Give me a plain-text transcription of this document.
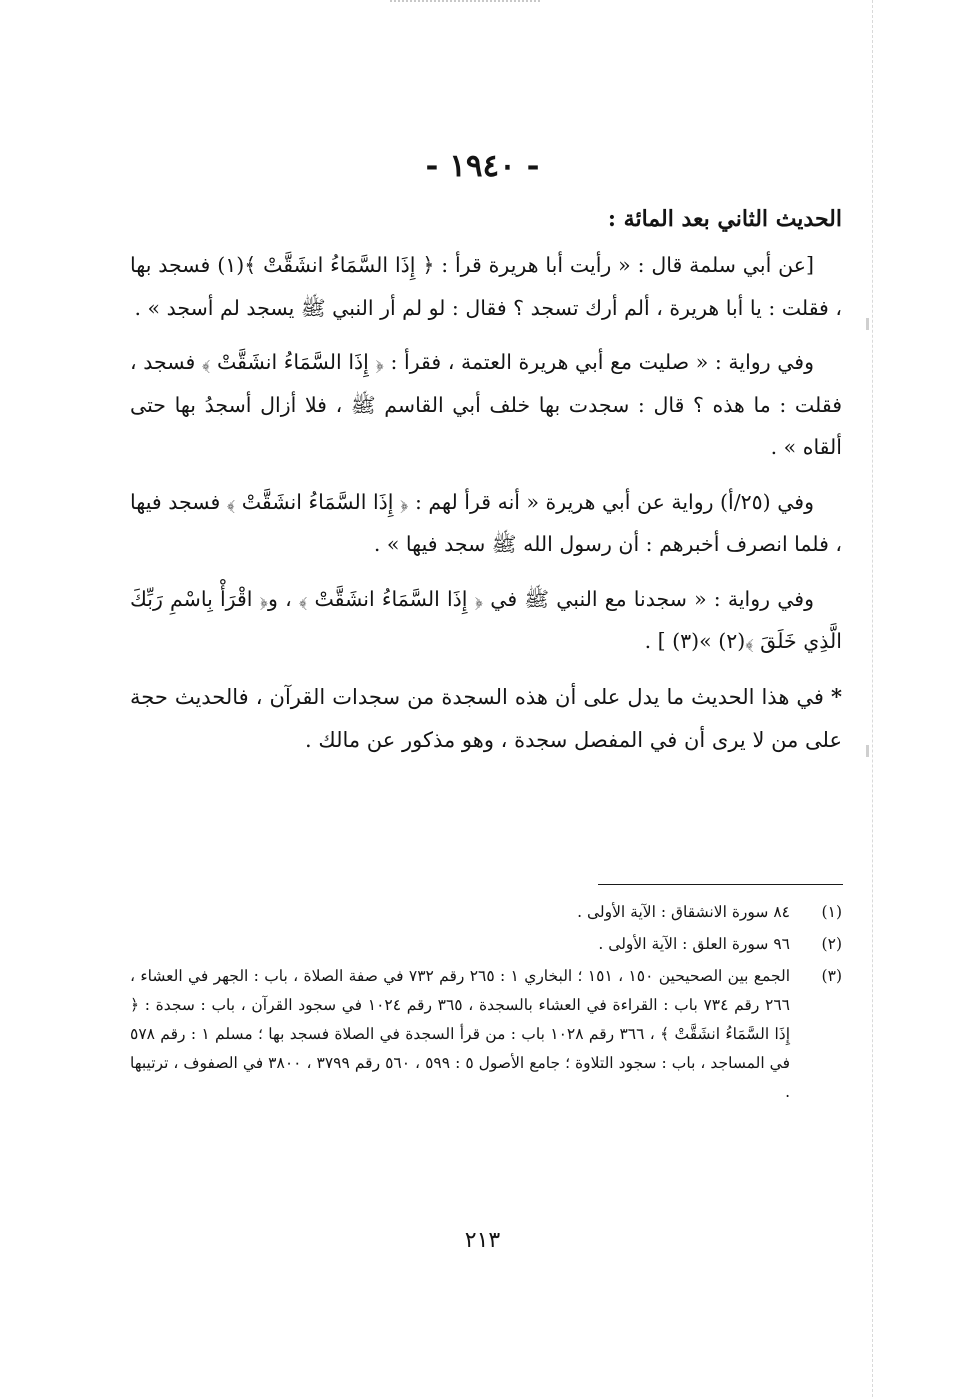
- ١٩٤٠ -
الحديث الثاني بعد المائة :

[عن أبي سلمة قال : « رأيت أبا هريرة قرأ : ﴿ إِذَا السَّمَاءُ انشَقَّتْ ﴾(١) فسجد بها ، فقلت : يا أبا هريرة ، ألم أرك تسجد ؟ فقال : لو لم أر النبي ﷺ يسجد لم أسجد » .

وفي رواية : « صليت مع أبي هريرة العتمة ، فقرأ : ﴿ إِذَا السَّمَاءُ انشَقَّتْ ﴾ فسجد ، فقلت : ما هذه ؟ قال : سجدت بها خلف أبي القاسم ﷺ ، فلا أزال أسجدُ بها حتى ألقاه » .

وفي (٢٥/أ) رواية عن أبي هريرة « أنه قرأ لهم : ﴿ إِذَا السَّمَاءُ انشَقَّتْ ﴾ فسجد فيها ، فلما انصرف أخبرهم : أن رسول الله ﷺ سجد فيها » .

وفي رواية : « سجدنا مع النبي ﷺ في ﴿ إِذَا السَّمَاءُ انشَقَّتْ ﴾ ، و﴿ اقْرَأْ بِاسْمِ رَبِّكَ الَّذِي خَلَقَ ﴾(٢) »(٣) ] .

* في هذا الحديث ما يدل على أن هذه السجدة من سجدات القرآن ، فالحديث حجة على من لا يرى أن في المفصل سجدة ، وهو مذكور عن مالك .

(١)
٨٤ سورة الانشقاق : الآية الأولى .
(٢)
٩٦ سورة العلق : الآية الأولى .
(٣)
الجمع بين الصحيحين ١٥٠ ، ١٥١ ؛ البخاري ١ : ٢٦٥ رقم ٧٣٢ في صفة الصلاة ، باب : الجهر في العشاء ، ٢٦٦ رقم ٧٣٤ باب : القراءة في العشاء بالسجدة ، ٣٦٥ رقم ١٠٢٤ في سجود القرآن ، باب : سجدة : ﴿ إِذَا السَّمَاءُ انشَقَّتْ ﴾ ، ٣٦٦ رقم ١٠٢٨ باب : من قرأ السجدة في الصلاة فسجد بها ؛ مسلم ١ : رقم ٥٧٨ في المساجد ، باب : سجود التلاوة ؛ جامع الأصول ٥ : ٥٩٩ ، ٥٦٠ رقم ٣٧٩٩ ، ٣٨٠٠ في الصفوف ، ترتيبها .
٢١٣
